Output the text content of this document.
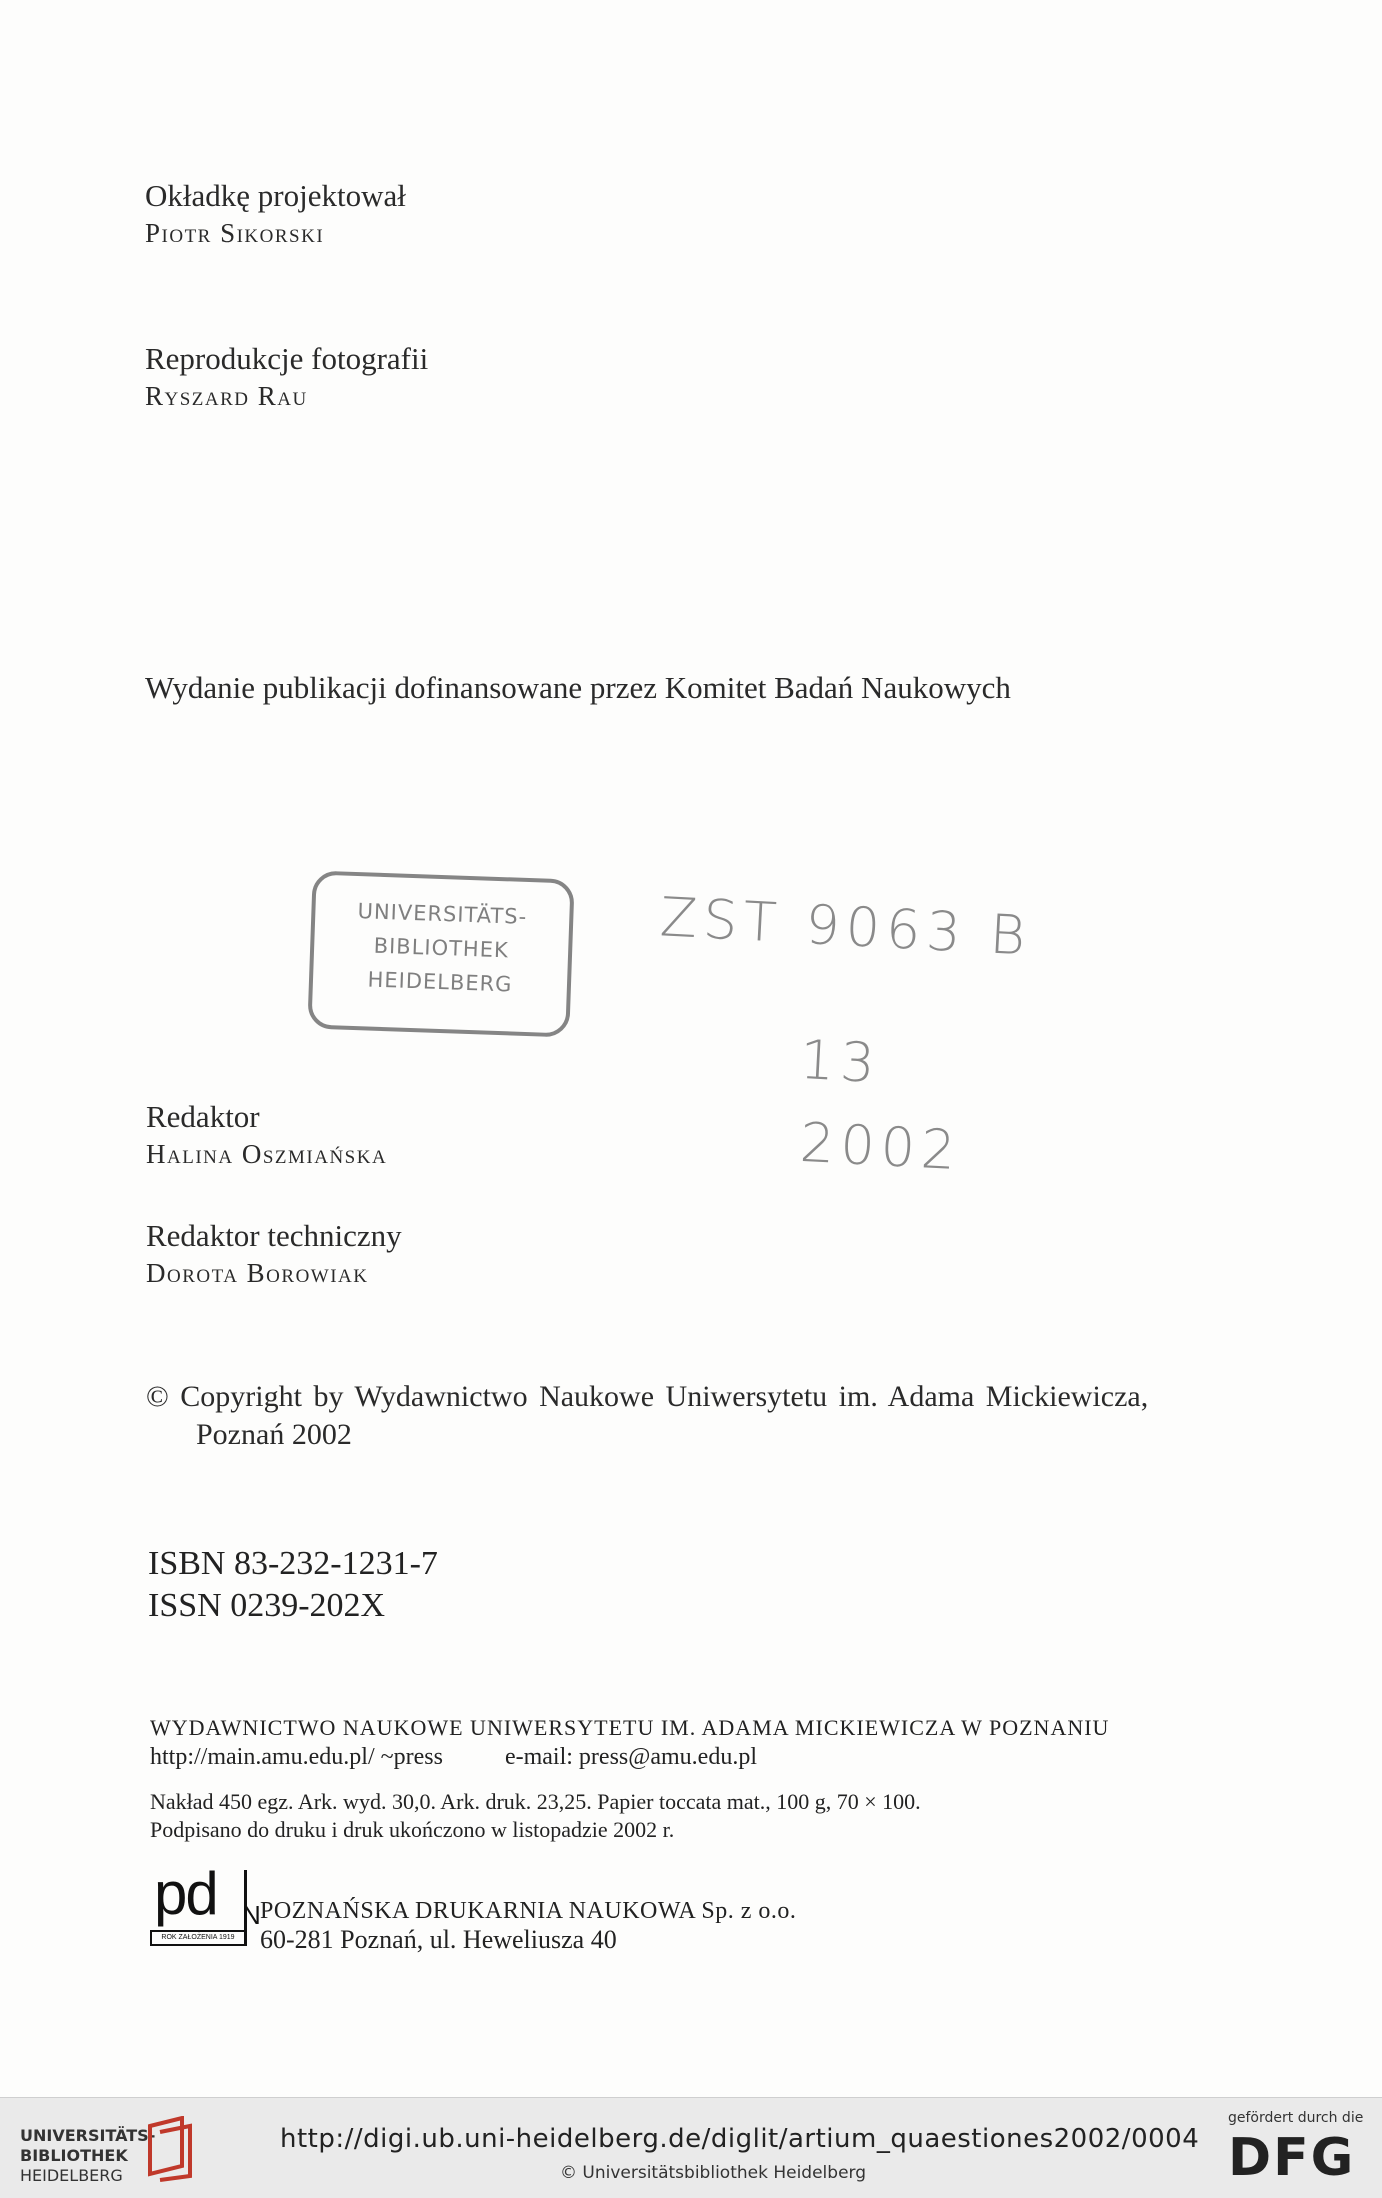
Okładkę projektował
Piotr Sikorski
Reprodukcje fotografii
Ryszard Rau
Wydanie publikacji dofinansowane przez Komitet Badań Naukowych
UNIVERSITÄTS-
BIBLIOTHEK
HEIDELBERG
ZST 9063 B
13
2002
Redaktor
Halina Oszmiańska
Redaktor techniczny
Dorota Borowiak
© Copyright by Wydawnictwo Naukowe Uniwersytetu im. Adama Mickiewicza,
Poznań 2002
ISBN 83-232-1231-7
ISSN 0239-202X
WYDAWNICTWO NAUKOWE UNIWERSYTETU IM. ADAMA MICKIEWICZA W POZNANIU
http://main.amu.edu.pl/ ~press	e-mail: press@amu.edu.pl
Nakład 450 egz. Ark. wyd. 30,0. Ark. druk. 23,25. Papier toccata mat., 100 g, 70 × 100.
Podpisano do druku i druk ukończono w listopadzie 2002 r.
pd N
ROK ZAŁOŻENIA 1919
POZNAŃSKA DRUKARNIA NAUKOWA Sp. z o.o.
60-281 Poznań, ul. Heweliusza 40
UNIVERSITÄTS-
BIBLIOTHEK
HEIDELBERG
http://digi.ub.uni-heidelberg.de/diglit/artium_quaestiones2002/0004
© Universitätsbibliothek Heidelberg
gefördert durch die
DFG
